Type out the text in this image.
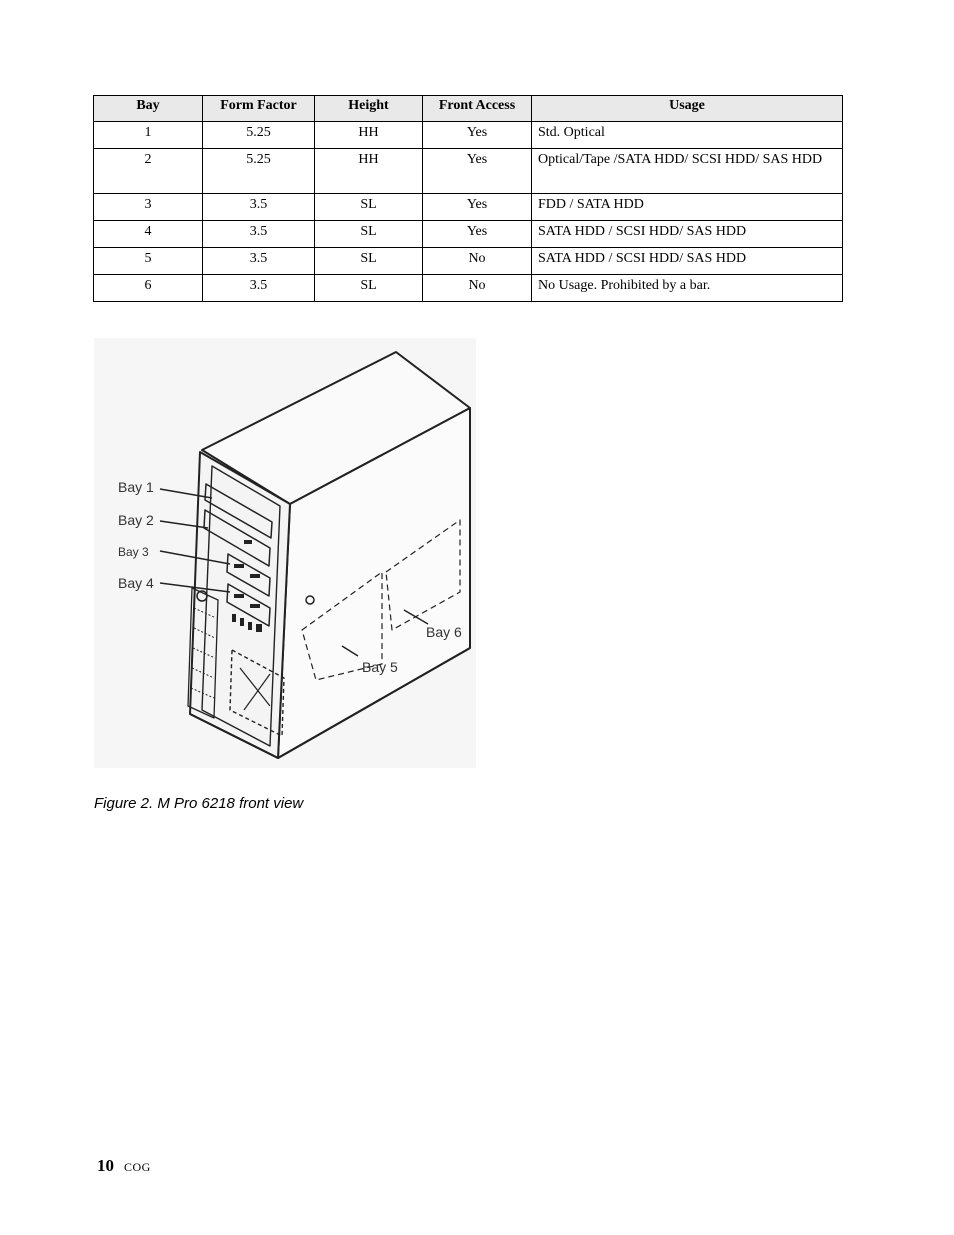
Bay	Form Factor	Height	Front Access	Usage
1	5.25	HH	Yes	Std. Optical
2	5.25	HH	Yes	Optical/Tape /SATA HDD/ SCSI HDD/ SAS HDD
3	3.5	SL	Yes	FDD / SATA HDD
4	3.5	SL	Yes	SATA HDD / SCSI HDD/ SAS HDD
5	3.5	SL	No	SATA HDD / SCSI HDD/ SAS HDD
6	3.5	SL	No	No Usage. Prohibited by a bar.
Bay 1
Bay 2
Bay 3
Bay 4
Bay 5
Bay 6
Figure 2. M Pro 6218 front view
10 COG
